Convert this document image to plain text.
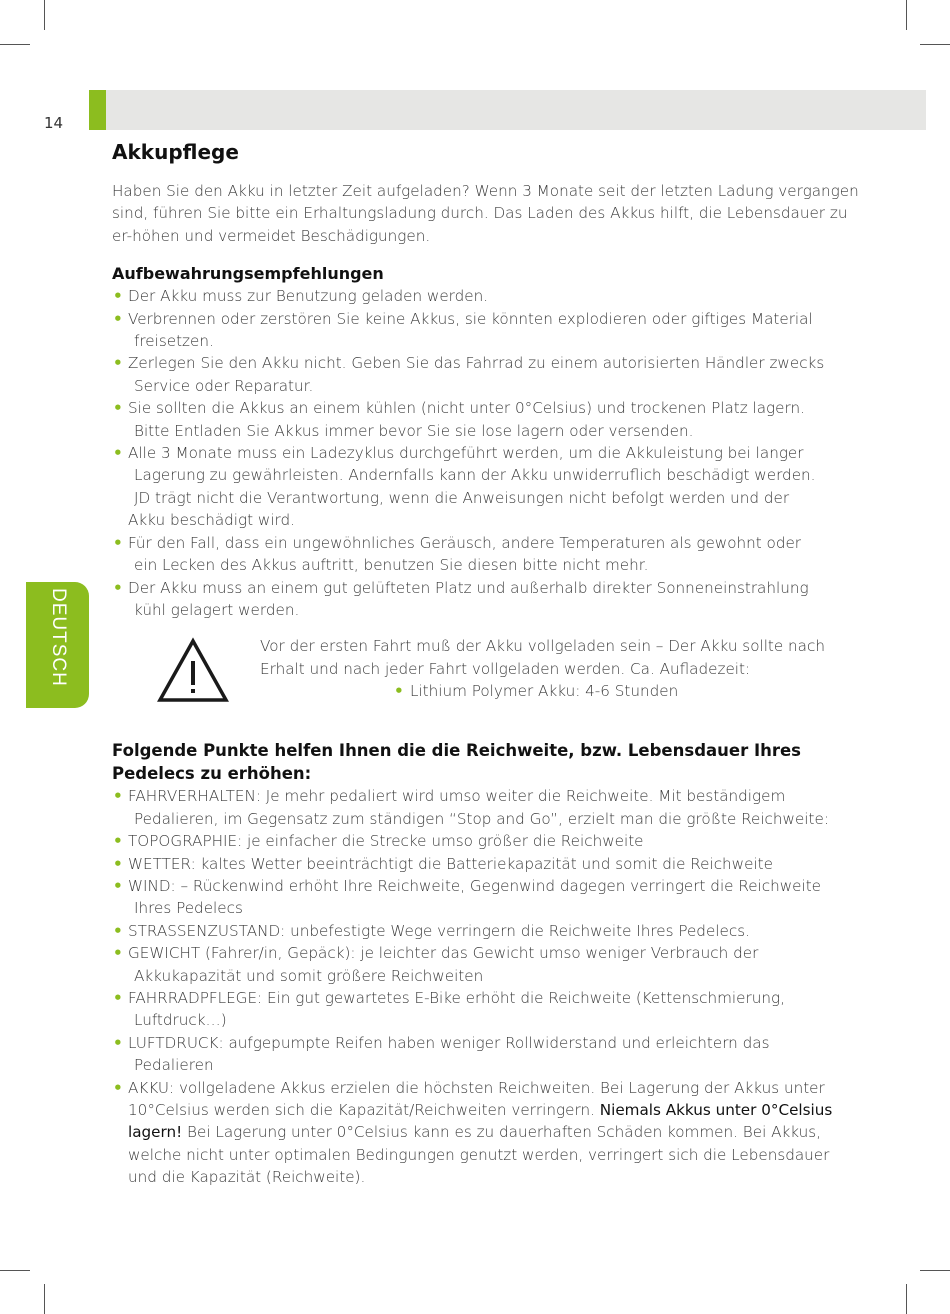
14
DEUTSCH
Akkupflege

Haben Sie den Akku in letzter Zeit aufgeladen? Wenn 3 Monate seit der letzten Ladung vergangen sind, führen Sie bitte ein Erhaltungsladung durch. Das Laden des Akkus hilft, die Lebensdauer zu er-höhen und vermeidet Beschädigungen.

Aufbewahrungsempfehlungen
• Der Akku muss zur Benutzung geladen werden.
• Verbrennen oder zerstören Sie keine Akkus, sie könnten explodieren oder giftiges Material
freisetzen.
• Zerlegen Sie den Akku nicht. Geben Sie das Fahrrad zu einem autorisierten Händler zwecks
Service oder Reparatur.
• Sie sollten die Akkus an einem kühlen (nicht unter 0°Celsius) und trockenen Platz lagern.
Bitte Entladen Sie Akkus immer bevor Sie sie lose lagern oder versenden.
• Alle 3 Monate muss ein Ladezyklus durchgeführt werden, um die Akkuleistung bei langer
Lagerung zu gewährleisten. Andernfalls kann der Akku unwiderruflich beschädigt werden.
JD trägt nicht die Verantwortung, wenn die Anweisungen nicht befolgt werden und der
Akku beschädigt wird.
• Für den Fall, dass ein ungewöhnliches Geräusch, andere Temperaturen als gewohnt oder
ein Lecken des Akkus auftritt, benutzen Sie diesen bitte nicht mehr.
• Der Akku muss an einem gut gelüfteten Platz und außerhalb direkter Sonneneinstrahlung
kühl gelagert werden.
Vor der ersten Fahrt muß der Akku vollgeladen sein – Der Akku sollte nach
Erhalt und nach jeder Fahrt vollgeladen werden. Ca. Aufladezeit:
• Lithium Polymer Akku: 4-6 Stunden
Folgende Punkte helfen Ihnen die die Reichweite, bzw. Lebensdauer Ihres
Pedelecs zu erhöhen:
• FAHRVERHALTEN: Je mehr pedaliert wird umso weiter die Reichweite. Mit beständigem
Pedalieren, im Gegensatz zum ständigen “Stop and Go”, erzielt man die größte Reichweite:
• TOPOGRAPHIE: je einfacher die Strecke umso größer die Reichweite
• WETTER: kaltes Wetter beeinträchtigt die Batteriekapazität und somit die Reichweite
• WIND: – Rückenwind erhöht Ihre Reichweite, Gegenwind dagegen verringert die Reichweite
Ihres Pedelecs
• STRASSENZUSTAND: unbefestigte Wege verringern die Reichweite Ihres Pedelecs.
• GEWICHT (Fahrer/in, Gepäck): je leichter das Gewicht umso weniger Verbrauch der
Akkukapazität und somit größere Reichweiten
• FAHRRADPFLEGE: Ein gut gewartetes E-Bike erhöht die Reichweite (Kettenschmierung,
Luftdruck…)
• LUFTDRUCK: aufgepumpte Reifen haben weniger Rollwiderstand und erleichtern das
Pedalieren
• AKKU: vollgeladene Akkus erzielen die höchsten Reichweiten. Bei Lagerung der Akkus unter
10°Celsius werden sich die Kapazität/Reichweiten verringern. Niemals Akkus unter 0°Celsius
lagern! Bei Lagerung unter 0°Celsius kann es zu dauerhaften Schäden kommen. Bei Akkus,
welche nicht unter optimalen Bedingungen genutzt werden, verringert sich die Lebensdauer
und die Kapazität (Reichweite).
